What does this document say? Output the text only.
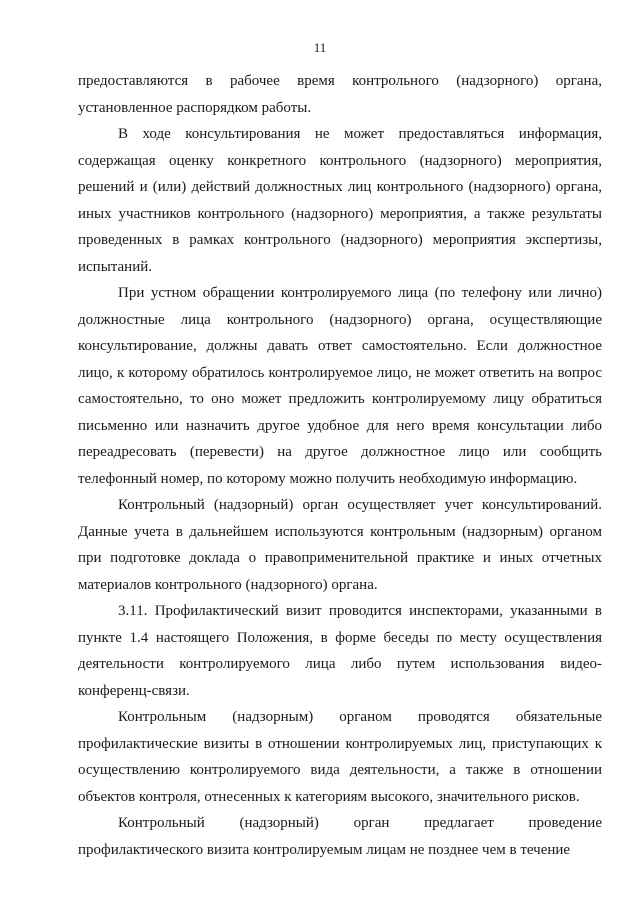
11

предоставляются в рабочее время контрольного (надзорного) органа, установленное распорядком работы.

В ходе консультирования не может предоставляться информация, содержащая оценку конкретного контрольного (надзорного) мероприятия, решений и (или) действий должностных лиц контрольного (надзорного) органа, иных участников контрольного (надзорного) мероприятия, а также результаты проведенных в рамках контрольного (надзорного) мероприятия экспертизы, испытаний.

При устном обращении контролируемого лица (по телефону или лично) должностные лица контрольного (надзорного) органа, осуществляющие консультирование, должны давать ответ самостоятельно. Если должностное лицо, к которому обратилось контролируемое лицо, не может ответить на вопрос самостоятельно, то оно может предложить контролируемому лицу обратиться письменно или назначить другое удобное для него время консультации либо переадресовать (перевести) на другое должностное лицо или сообщить телефонный номер, по которому можно получить необходимую информацию.

Контрольный (надзорный) орган осуществляет учет консультирований. Данные учета в дальнейшем используются контрольным (надзорным) органом при подготовке доклада о правоприменительной практике и иных отчетных материалов контрольного (надзорного) органа.

3.11. Профилактический визит проводится инспекторами, указанными в пункте 1.4 настоящего Положения, в форме беседы по месту осуществления деятельности контролируемого лица либо путем использования видео-конференц-связи.

Контрольным (надзорным) органом проводятся обязательные профилактические визиты в отношении контролируемых лиц, приступающих к осуществлению контролируемого вида деятельности, а также в отношении объектов контроля, отнесенных к категориям высокого, значительного рисков.

Контрольный (надзорный) орган предлагает проведение профилактического визита контролируемым лицам не позднее чем в течение
